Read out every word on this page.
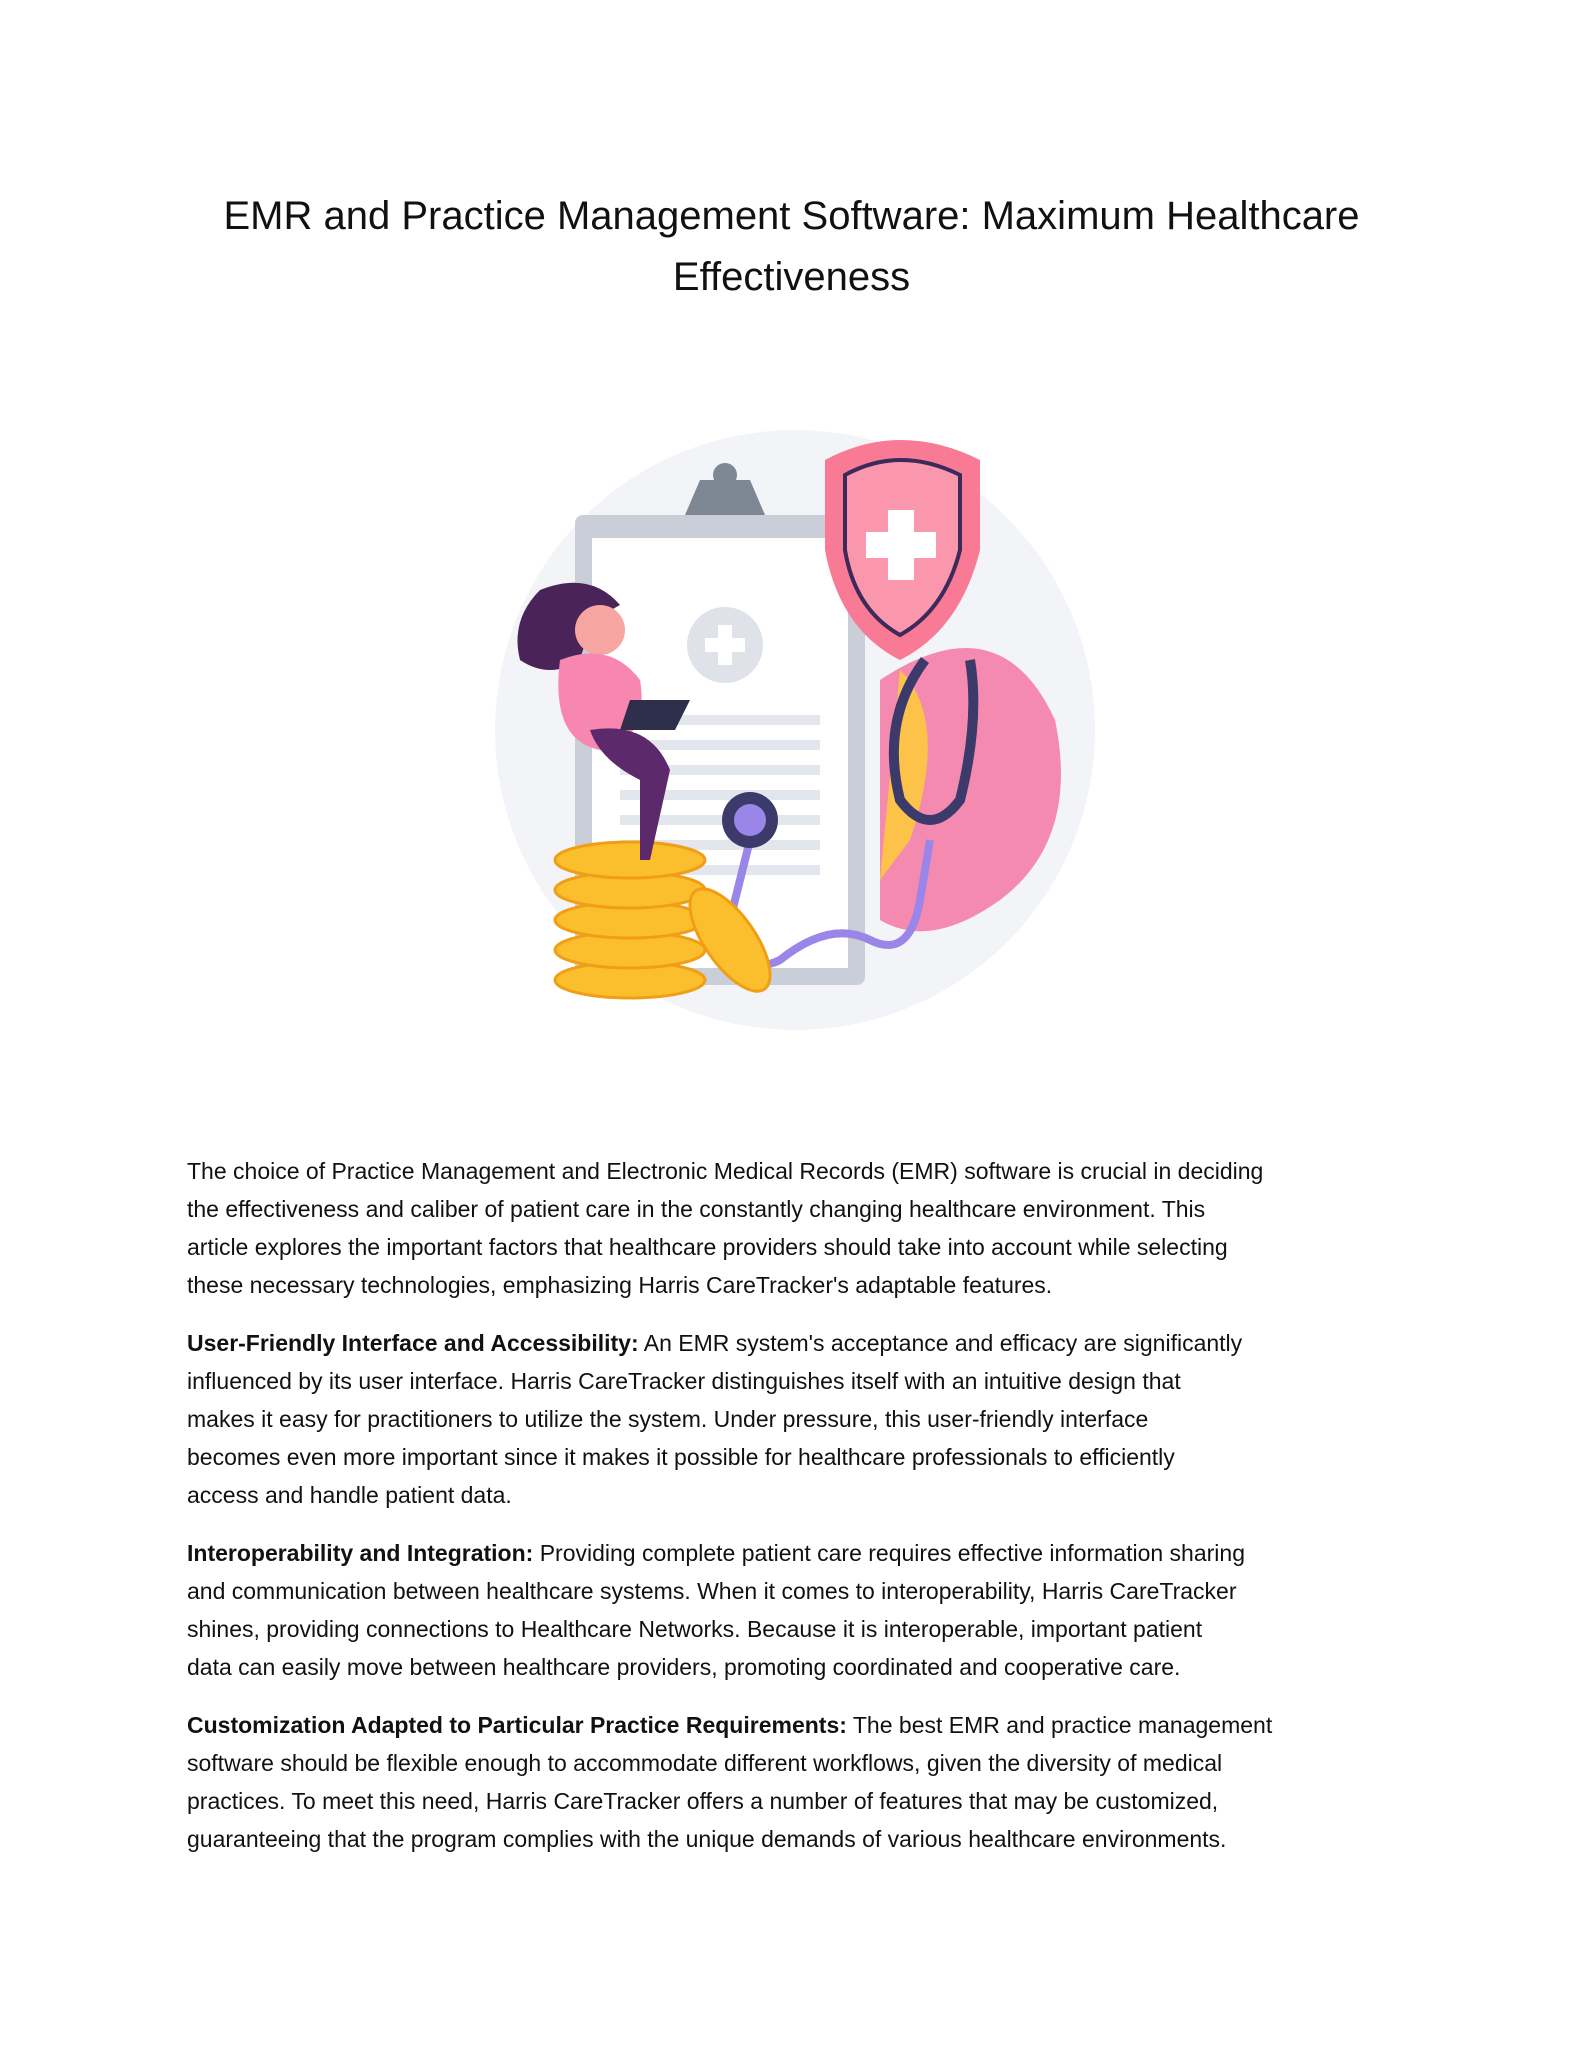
EMR and Practice Management Software: Maximum Healthcare
Effectiveness

The choice of Practice Management and Electronic Medical Records (EMR) software is crucial in deciding
the effectiveness and caliber of patient care in the constantly changing healthcare environment. This
article explores the important factors that healthcare providers should take into account while selecting
these necessary technologies, emphasizing Harris CareTracker's adaptable features.

User-Friendly Interface and Accessibility: An EMR system's acceptance and efficacy are significantly
influenced by its user interface. Harris CareTracker distinguishes itself with an intuitive design that
makes it easy for practitioners to utilize the system. Under pressure, this user-friendly interface
becomes even more important since it makes it possible for healthcare professionals to efficiently
access and handle patient data.

Interoperability and Integration: Providing complete patient care requires effective information sharing
and communication between healthcare systems. When it comes to interoperability, Harris CareTracker
shines, providing connections to Healthcare Networks. Because it is interoperable, important patient
data can easily move between healthcare providers, promoting coordinated and cooperative care.

Customization Adapted to Particular Practice Requirements: The best EMR and practice management
software should be flexible enough to accommodate different workflows, given the diversity of medical
practices. To meet this need, Harris CareTracker offers a number of features that may be customized,
guaranteeing that the program complies with the unique demands of various healthcare environments.
